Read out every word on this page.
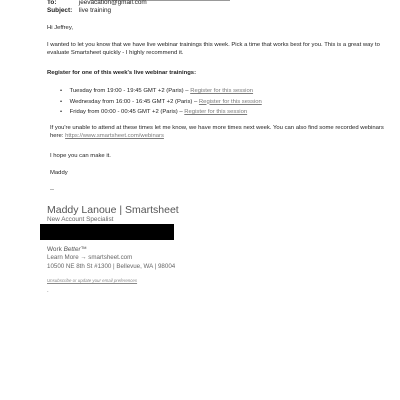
To:	jeevacation@gmail.com
Subject: live training

Hi Jeffrey,

I wanted to let you know that we have live webinar trainings this week. Pick a time that works best for you. This is a great way to evaluate Smartsheet quickly - I highly recommend it.

Register for one of this week's live webinar trainings:

• Tuesday from 19:00 - 19:45 GMT +2 (Paris) – Register for this session
• Wednesday from 16:00 - 16:45 GMT +2 (Paris) – Register for this session
• Friday from 00:00 - 00:45 GMT +2 (Paris) – Register for this session

If you're unable to attend at these times let me know, we have more times next week. You can also find some recorded webinars here: https://www.smartsheet.com/webinars

I hope you can make it.

Maddy

--

Maddy Lanoue | Smartsheet
New Account Specialist
Work Better™
Learn More → smartsheet.com
10500 NE 8th St #1300 | Bellevue, WA | 98004
Unsubscribe or update your email preferences
.
